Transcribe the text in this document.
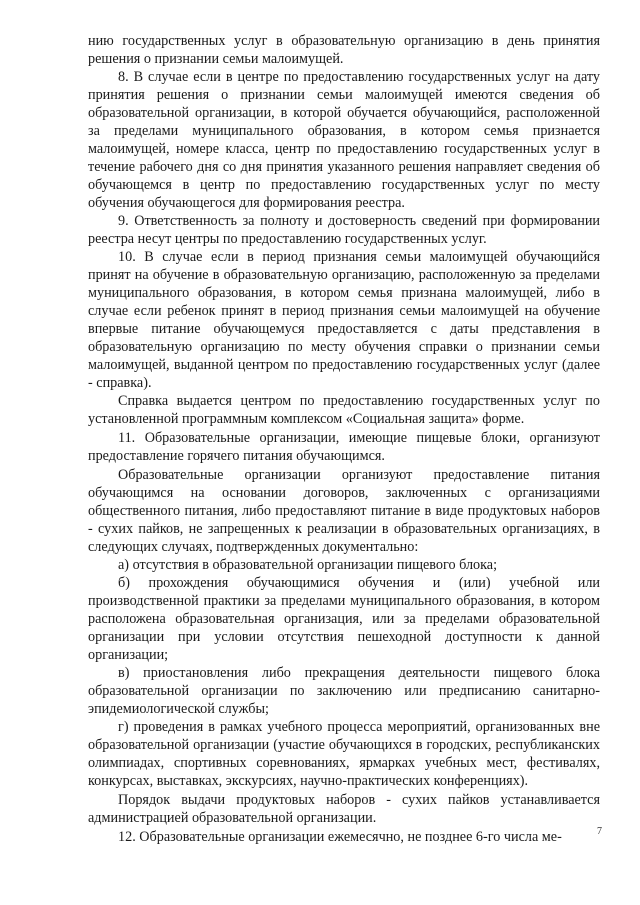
нию государственных услуг в образовательную организацию в день принятия решения о признании семьи малоимущей.

8. В случае если в центре по предоставлению государственных услуг на дату принятия решения о признании семьи малоимущей имеются сведения об образовательной организации, в которой обучается обучающийся, расположенной за пределами муниципального образования, в котором семья признается малоимущей, номере класса, центр по предоставлению государственных услуг в течение рабочего дня со дня принятия указанного решения направляет сведения об обучающемся в центр по предоставлению государственных услуг по месту обучения обучающегося для формирования реестра.

9. Ответственность за полноту и достоверность сведений при формировании реестра несут центры по предоставлению государственных услуг.

10. В случае если в период признания семьи малоимущей обучающийся принят на обучение в образовательную организацию, расположенную за пределами муниципального образования, в котором семья признана малоимущей, либо в случае если ребенок принят в период признания семьи малоимущей на обучение впервые питание обучающемуся предоставляется с даты представления в образовательную организацию по месту обучения справки о признании семьи малоимущей, выданной центром по предоставлению государственных услуг (далее - справка).

Справка выдается центром по предоставлению государственных услуг по установленной программным комплексом «Социальная защита» форме.

11. Образовательные организации, имеющие пищевые блоки, организуют предоставление горячего питания обучающимся.

Образовательные организации организуют предоставление питания обучающимся на основании договоров, заключенных с организациями общественного питания, либо предоставляют питание в виде продуктовых наборов - сухих пайков, не запрещенных к реализации в образовательных организациях, в следующих случаях, подтвержденных документально:

а) отсутствия в образовательной организации пищевого блока;

б) прохождения обучающимися обучения и (или) учебной или производственной практики за пределами муниципального образования, в котором расположена образовательная организация, или за пределами образовательной организации при условии отсутствия пешеходной доступности к данной организации;

в) приостановления либо прекращения деятельности пищевого блока образовательной организации по заключению или предписанию санитарно-эпидемиологической службы;

г) проведения в рамках учебного процесса мероприятий, организованных вне образовательной организации (участие обучающихся в городских, республиканских олимпиадах, спортивных соревнованиях, ярмарках учебных мест, фестивалях, конкурсах, выставках, экскурсиях, научно-практических конференциях).

Порядок выдачи продуктовых наборов - сухих пайков устанавливается администрацией образовательной организации.

12. Образовательные организации ежемесячно, не позднее 6-го числа ме-	7
